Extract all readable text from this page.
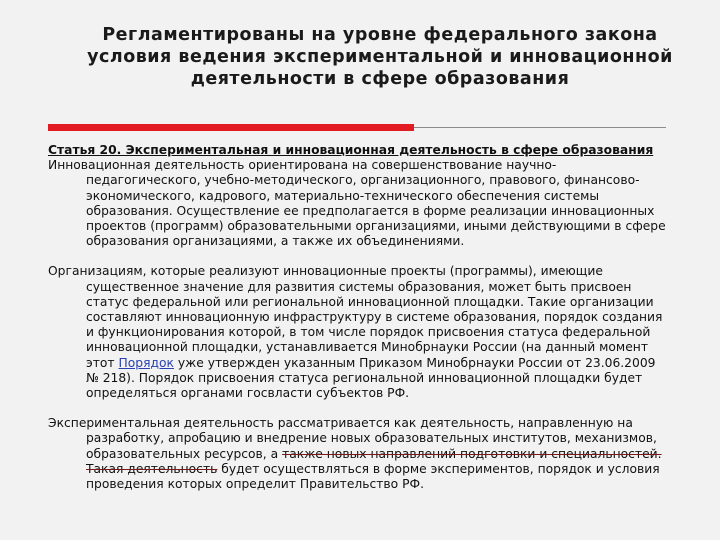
Регламентированы на уровне федерального закона условия ведения экспериментальной и инновационной деятельности в сфере образования

Статья 20. Экспериментальная и инновационная деятельность в сфере образования

Инновационная деятельность ориентирована на совершенствование научно-педагогического, учебно-методического, организационного, правового, финансово-экономического, кадрового, материально-технического обеспечения системы образования. Осуществление ее предполагается в форме реализации инновационных проектов (программ) образовательными организациями, иными действующими в сфере образования организациями, а также их объединениями.

Организациям, которые реализуют инновационные проекты (программы), имеющие существенное значение для развития системы образования, может быть присвоен статус федеральной или региональной инновационной площадки. Такие организации составляют инновационную инфраструктуру в системе образования, порядок создания и функционирования которой, в том числе порядок присвоения статуса федеральной инновационной площадки, устанавливается Минобрнауки России (на данный момент этот Порядок уже утвержден указанным Приказом Минобрнауки России от 23.06.2009 № 218). Порядок присвоения статуса региональной инновационной площадки будет определяться органами госвласти субъектов РФ.

Экспериментальная деятельность рассматривается как деятельность, направленную на разработку, апробацию и внедрение новых образовательных институтов, механизмов, образовательных ресурсов, а также новых направлений подготовки и специальностей. Такая деятельность будет осуществляться в форме экспериментов, порядок и условия проведения которых определит Правительство РФ.
